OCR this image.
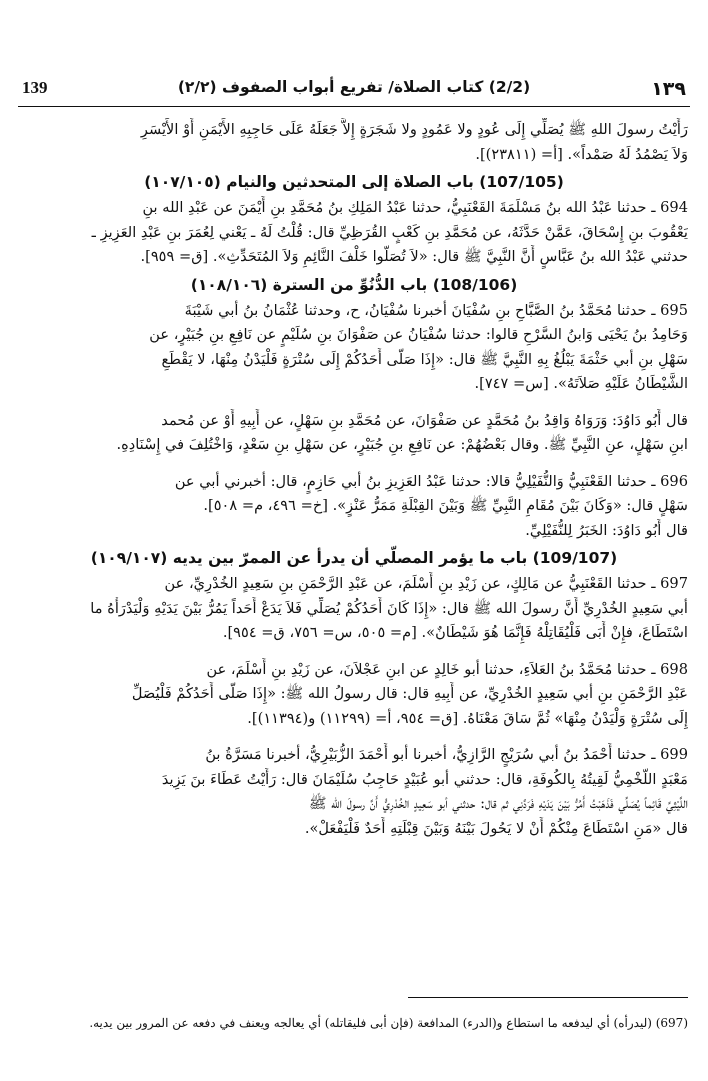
139	(2/2) كتاب الصلاة/ تفريع أبواب الصفوف (٢/٢)	١٣٩
رَأَيْتُ رسولَ اللهِ ﷺ يُصَلِّي إِلَى عُودٍ ولا عَمُودٍ ولا شَجَرَةٍ إِلاَّ جَعَلَهُ عَلَى حَاجِبِهِ الأَيْمَنِ أَوْ الأَيْسَرِ
وَلاَ يَصْمُدُ لَهُ صَمْداً». [أ= (٢٣٨١١)].
(107/105) باب الصلاة إلى المتحدثين والنيام (١٠٧/١٠٥)
694 ـ حدثنا عَبْدُ الله بنُ مَسْلَمَةَ القَعْنَبِيُّ، حدثنا عَبْدُ المَلِكِ بنُ مُحَمَّدِ بنِ أَيْمَنَ عن عَبْدِ الله بنِ
يَعْقُوبَ بنِ إِسْحَاقَ، عَمَّنْ حَدَّثَهُ، عن مُحَمَّدِ بنِ كَعْبٍ القُرَظِيِّ قال: قُلْتُ لَهُ ـ يَعْني لِعُمَرَ بنِ عَبْدِ العَزِيزِ ـ
حدثني عَبْدُ الله بنُ عَبَّاسٍ أَنَّ النَّبِيَّ ﷺ قال: «لاَ تُصَلُّوا خَلْفَ النَّائِمِ وَلاَ المُتَحَدِّثِ». [ق= ٩٥٩].
(108/106) باب الدُّنُوِّ من السترة (١٠٨/١٠٦)
695 ـ حدثنا مُحَمَّدُ بنُ الصَّبَّاحِ بنِ سُفْيَانَ أخبرنا سُفْيَانُ، ح، وحدثنا عُثْمَانُ بنُ أبي شَيْبَةَ
وَحَامِدُ بنُ يَحْيَى وَابنُ السَّرْحِ قالوا: حدثنا سُفْيَانُ عن صَفْوَانَ بنِ سُلَيْمٍ عن نَافِعِ بنِ جُبَيْرٍ، عن
سَهْلِ بنِ أبي حَثْمَةَ يَبْلُغُ بِهِ النَّبِيَّ ﷺ قال: «إِذَا صَلَّى أَحَدُكُمْ إِلَى سُتْرَةٍ فَلْيَدْنُ مِنْهَا، لا يَقْطَعِ
الشَّيْطَانُ عَلَيْهِ صَلاَتَهُ». [س= ٧٤٧].
قال أَبُو دَاوُدَ: وَرَوَاهُ وَاقِدُ بنُ مُحَمَّدٍ عن صَفْوَانَ، عن مُحَمَّدِ بنِ سَهْلٍ، عن أَبِيهِ أَوْ عن مُحمد
ابنِ سَهْلٍ، عنِ النَّبِيِّ ﷺ. وقال بَعْضُهُمْ: عن نَافِعِ بنِ جُبَيْرٍ، عن سَهْلِ بنِ سَعْدٍ، وَاخْتُلِفَ في إِسْنَادِهِ.
696 ـ حدثنا القَعْنَبِيُّ وَالنُّفَيْلِيُّ قالا: حدثنا عَبْدُ العَزِيزِ بنُ أبي حَازِمٍ، قال: أخبرني أبي عن
سَهْلٍ قال: «وَكَانَ بَيْنَ مُقَامِ النَّبِيِّ ﷺ وَبَيْنَ القِبْلَةِ مَمَرُّ عَنْزٍ». [خ= ٤٩٦، م= ٥٠٨].
قال أَبُو دَاوُدَ: الخَبَرُ لِلنُّفَيْلِيِّ.
(109/107) باب ما يؤمر المصلّي أن يدرأ عن الممرّ بين يديه (١٠٩/١٠٧)
697 ـ حدثنا القَعْنَبِيُّ عن مَالِكٍ، عن زَيْدِ بنِ أَسْلَمَ، عن عَبْدِ الرَّحْمَنِ بنِ سَعِيدٍ الخُدْرِيِّ، عن
أبي سَعِيدٍ الخُدْرِيِّ أَنَّ رسولَ الله ﷺ قال: «إِذَا كَانَ أَحَدُكُمْ يُصَلِّي فَلاَ يَدَعْ أَحَداً يَمُرُّ بَيْنَ يَدَيْهِ وَلْيَدْرَأْهُ ما
اسْتَطَاعَ، فإِنْ أَبَى فَلْيُقَاتِلْهُ فَإِنَّمَا هُوَ شَيْطَانٌ». [م= ٥٠٥، س= ٧٥٦، ق= ٩٥٤].
698 ـ حدثنا مُحَمَّدُ بنُ العَلاَءِ، حدثنا أبو خَالِدٍ عن ابنِ عَجْلاَنَ، عن زَيْدِ بنِ أَسْلَمَ، عن
عَبْدِ الرَّحْمَنِ بنِ أبي سَعِيدٍ الخُدْرِيِّ، عن أَبِيهِ قال: قال رسولُ الله ﷺ: «إِذَا صَلَّى أَحَدُكُمْ فَلْيُصَلِّ
إِلَى سُتْرَةٍ وَلْيَدْنُ مِنْهَا» ثُمَّ سَاقَ مَعْنَاهُ. [ق= ٩٥٤، أ= (١١٢٩٩) و(١١٣٩٤)].
699 ـ حدثنا أَحْمَدُ بنُ أبي سُرَيْجٍ الرَّازِيُّ، أخبرنا أبو أَحْمَدَ الزُّبَيْرِيُّ، أخبرنا مَسَرَّةُ بنُ
مَعْبَدٍ اللَّخْمِيُّ لَقِيتُهُ بِالكُوفَةِ، قال: حدثني أبو عُبَيْدٍ حَاجِبُ سُلَيْمَانَ قال: رَأَيْتُ عَطَاءَ بنَ يَزِيدَ
اللَّيْثِيَّ قَائِماً يُصَلِّي فَذَهَبْتُ أَمُرُّ بَيْنَ يَدَيْهِ فَرَدَّنِي ثم قال: حدثني أبو سَعِيدٍ الخُدْرِيُّ أَنَّ رسولَ الله ﷺ
قال «مَنِ اسْتَطَاعَ مِنْكُمْ أَنْ لا يَحُولَ بَيْنَهُ وَبَيْنَ قِبْلَتِهِ أَحَدٌ فَلْيَفْعَلْ».
(697) (ليدرأه) أي ليدفعه ما استطاع و(الدرء) المدافعة (فإن أبى فليقاتله) أي يعالجه ويعنف في دفعه عن المرور بين يديه.
